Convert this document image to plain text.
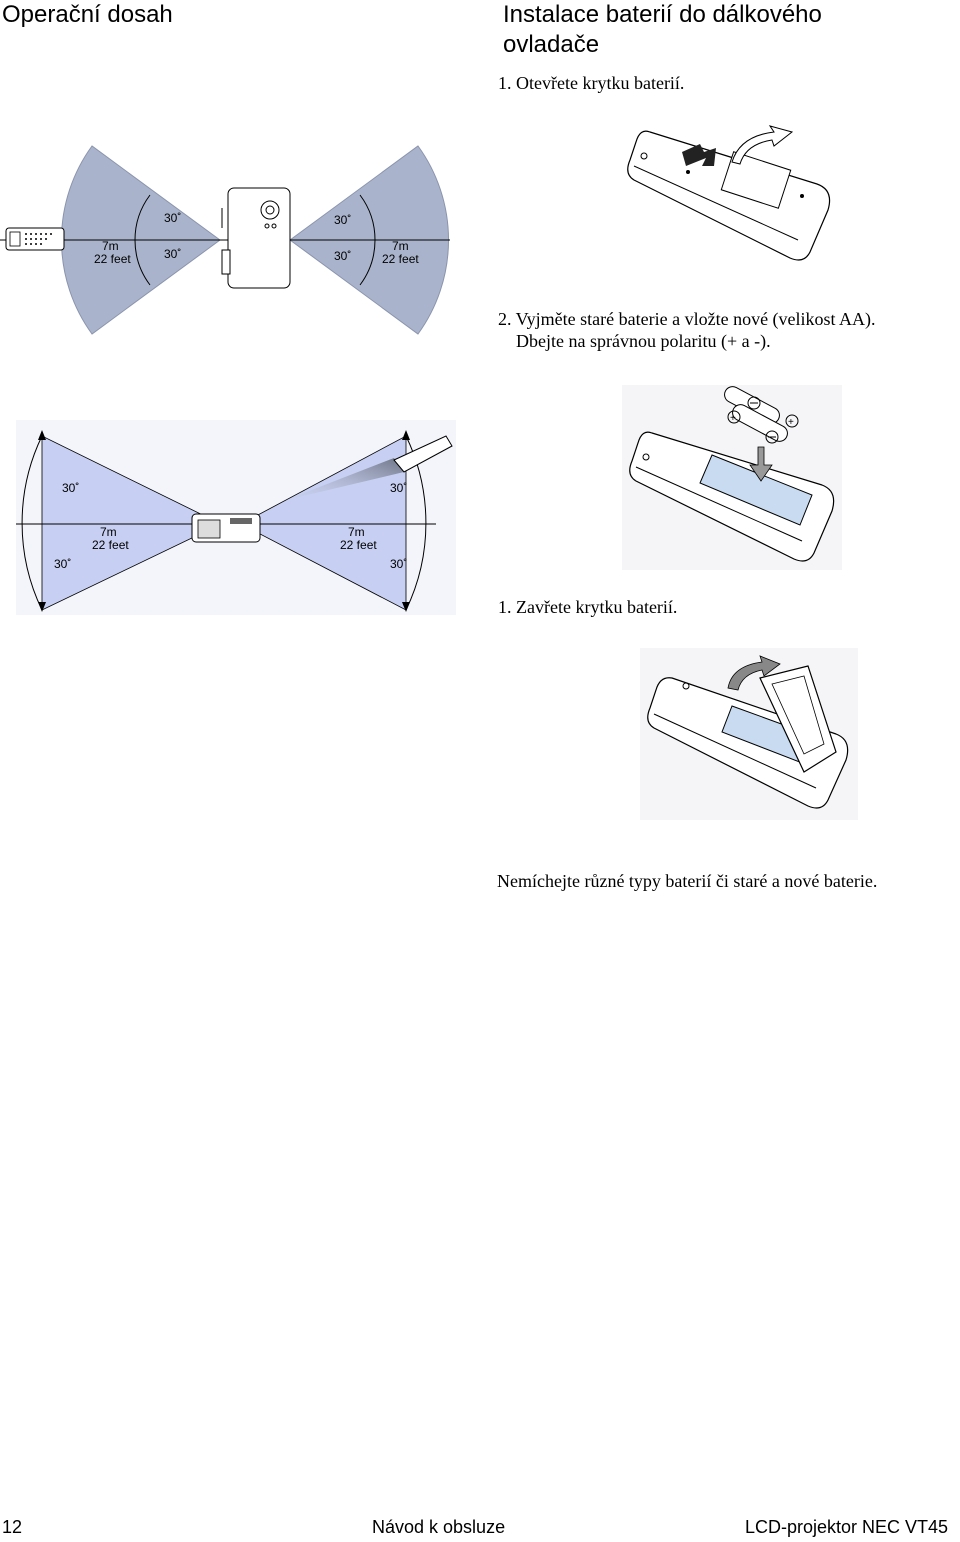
Operační dosah	Instalace baterií do dálkového
ovladače
1. Otevřete krytku baterií.
30˚
30˚
30˚
30˚
7m
22 feet
7m
22 feet
2. Vyjměte staré baterie a vložte nové (velikost AA).
Dbejte na správnou polaritu (+ a -).
+	+
30˚
30˚
30˚
30˚
7m
22 feet
7m
22 feet
1. Zavřete krytku baterií.
Nemíchejte různé typy baterií či staré a nové baterie.
12	Návod k obsluze	LCD-projektor NEC VT45
